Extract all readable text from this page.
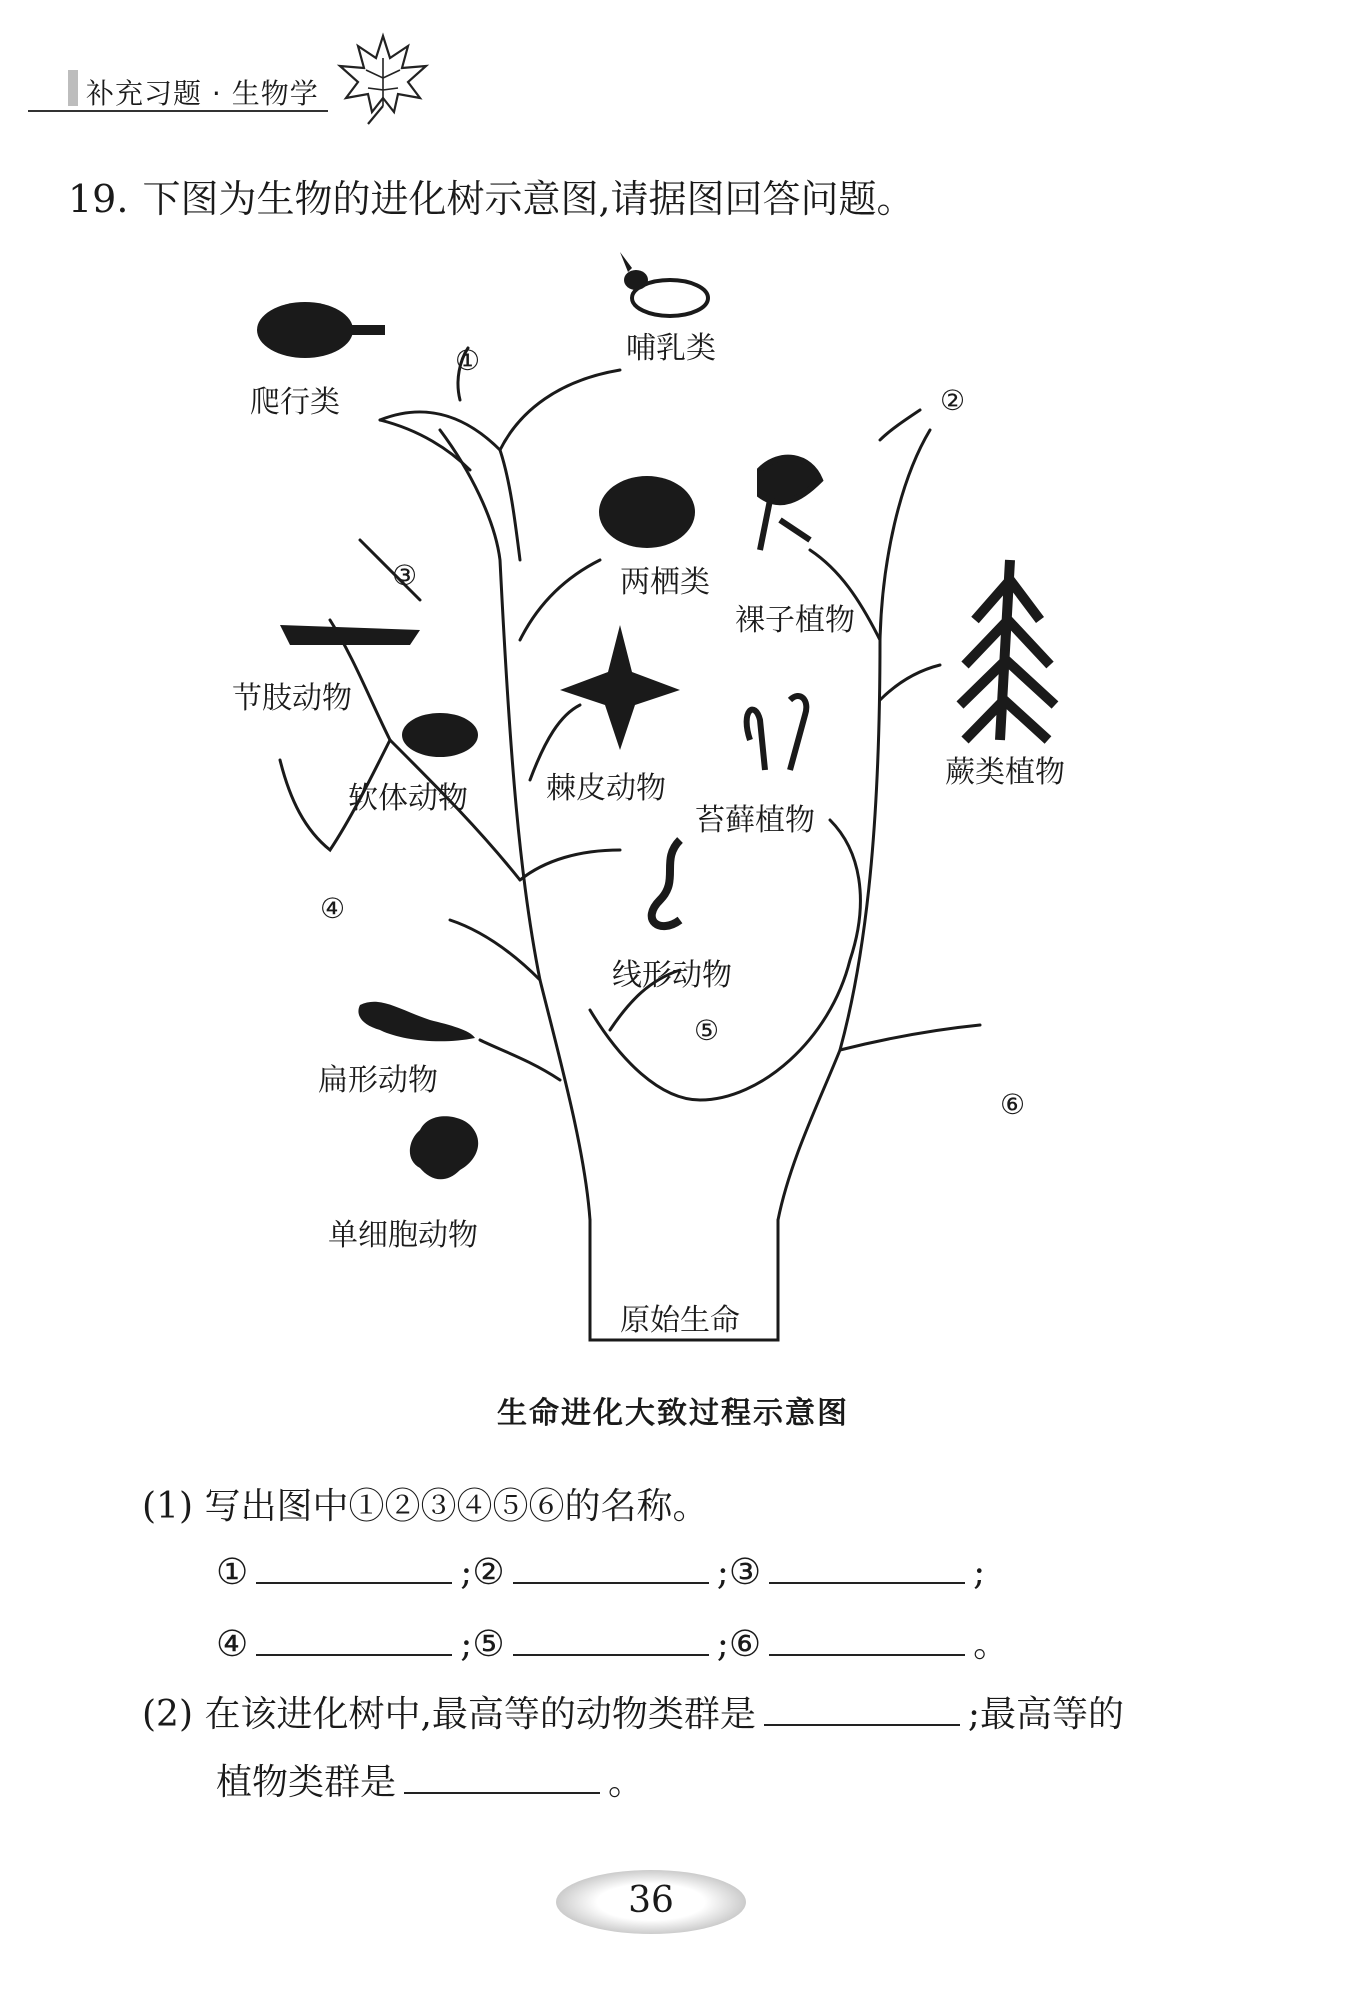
补充习题 · 生物学
19. 下图为生物的进化树示意图,请据图回答问题。
爬行类
哺乳类
两栖类
裸子植物
蕨类植物
节肢动物
软体动物	棘皮动物
苔藓植物
线形动物
扁形动物
单细胞动物
原始生命
①
②
③
④
⑤
⑥
生命进化大致过程示意图
(1) 写出图中①②③④⑤⑥的名称。
①	;②	;③	;
④	;⑤	;⑥	。
(2) 在该进化树中,最高等的动物类群是	;最高等的
植物类群是	。
36
